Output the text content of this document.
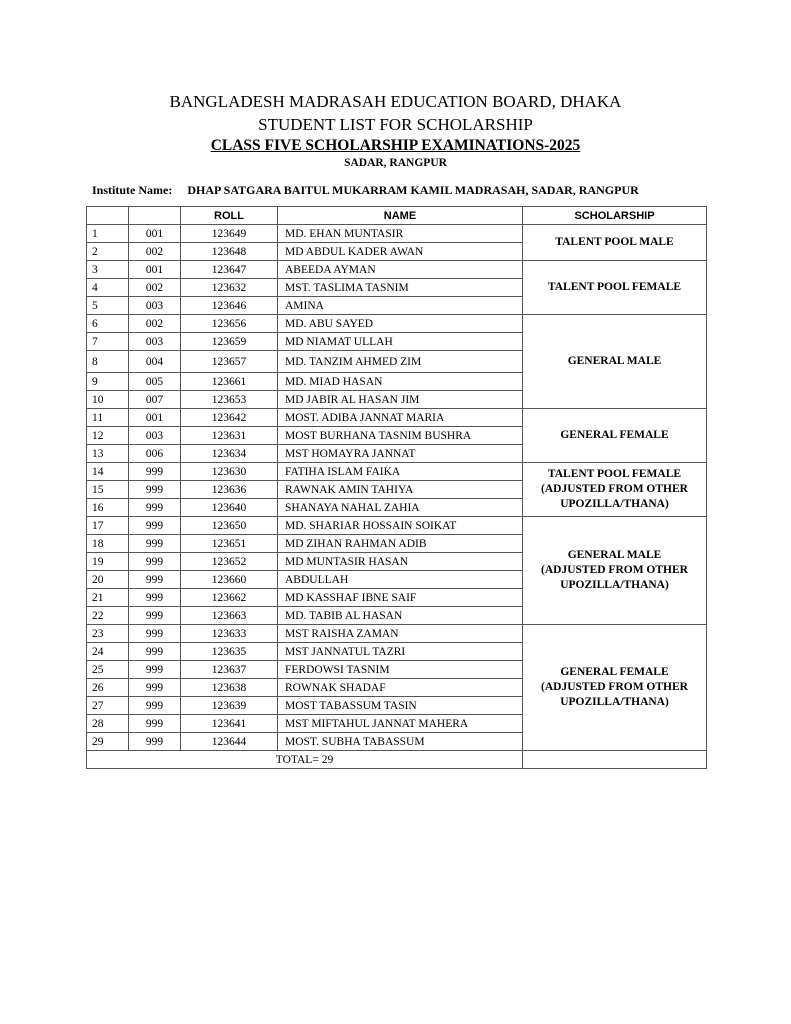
BANGLADESH MADRASAH EDUCATION BOARD, DHAKA
STUDENT LIST FOR SCHOLARSHIP
CLASS FIVE SCHOLARSHIP EXAMINATIONS-2025
SADAR, RANGPUR
Institute Name: DHAP SATGARA BAITUL MUKARRAM KAMIL MADRASAH, SADAR, RANGPUR
		ROLL	NAME	SCHOLARSHIP
1	001	123649	MD. EHAN MUNTASIR	TALENT POOL MALE

2	002	123648	MD ABDUL KADER AWAN	
3	001	123647	ABEEDA AYMAN	TALENT POOL FEMALE

4	002	123632	MST. TASLIMA TASNIM	
5	003	123646	AMINA	
6	002	123656	MD. ABU SAYED	GENERAL MALE

7	003	123659	MD NIAMAT ULLAH	
8	004	123657	MD. TANZIM AHMED ZIM	
9	005	123661	MD. MIAD HASAN	
10	007	123653	MD JABIR AL HASAN JIM	
11	001	123642	MOST. ADIBA JANNAT MARIA	GENERAL FEMALE

12	003	123631	MOST BURHANA TASNIM BUSHRA	
13	006	123634	MST HOMAYRA JANNAT	
14	999	123630	FATIHA ISLAM FAIKA	TALENT POOL FEMALE
(ADJUSTED FROM OTHER
UPOZILLA/THANA)

15	999	123636	RAWNAK AMIN TAHIYA	
16	999	123640	SHANAYA NAHAL ZAHIA	
17	999	123650	MD. SHARIAR HOSSAIN SOIKAT	GENERAL MALE
(ADJUSTED FROM OTHER
UPOZILLA/THANA)

18	999	123651	MD ZIHAN RAHMAN ADIB	
19	999	123652	MD MUNTASIR HASAN	
20	999	123660	ABDULLAH	
21	999	123662	MD KASSHAF IBNE SAIF	
22	999	123663	MD. TABIB AL HASAN	
23	999	123633	MST RAISHA ZAMAN	GENERAL FEMALE
(ADJUSTED FROM OTHER
UPOZILLA/THANA)

24	999	123635	MST JANNATUL TAZRI	
25	999	123637	FERDOWSI TASNIM	
26	999	123638	ROWNAK SHADAF	
27	999	123639	MOST TABASSUM TASIN	
28	999	123641	MST MIFTAHUL JANNAT MAHERA	
29	999	123644	MOST. SUBHA TABASSUM	
TOTAL= 29				
